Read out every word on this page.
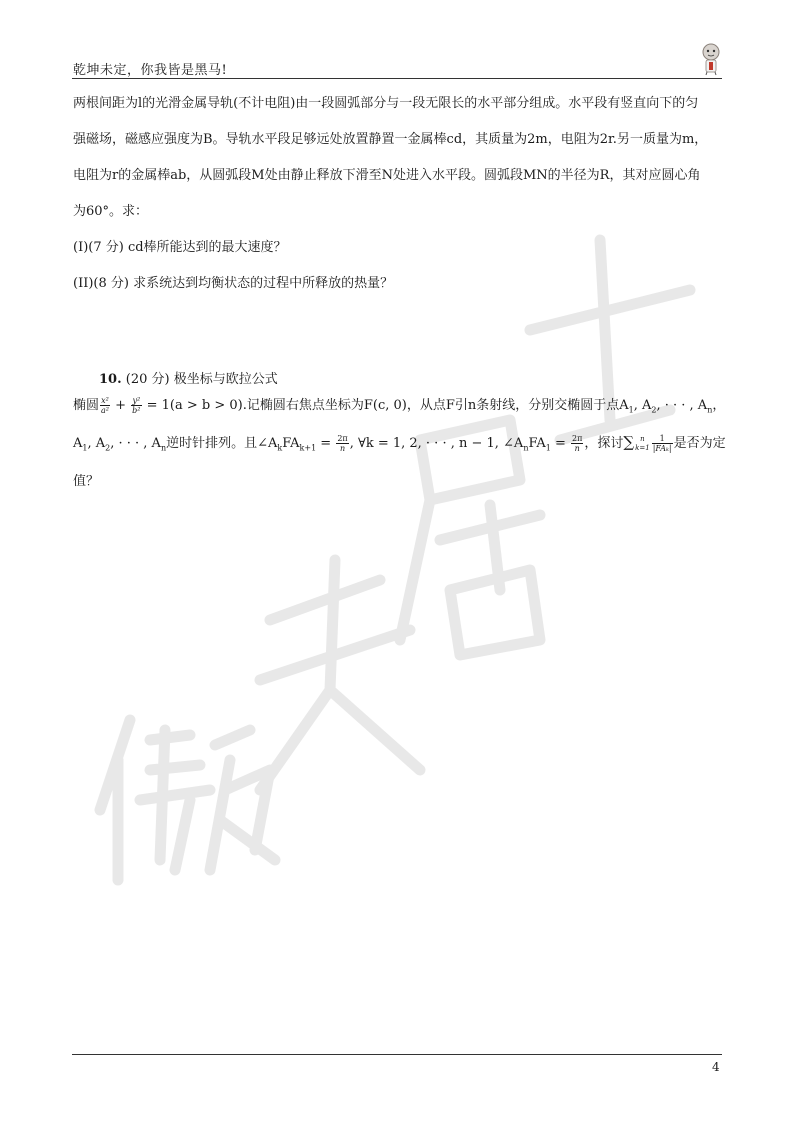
乾坤未定，你我皆是黑马!
两根间距为l的光滑金属导轨(不计电阻)由一段圆弧部分与一段无限长的水平部分组成。水平段有竖直向下的匀
强磁场，磁感应强度为B。导轨水平段足够远处放置静置一金属棒cd，其质量为2m，电阻为2r.另一质量为m，
电阻为r的金属棒ab，从圆弧段M处由静止释放下滑至N处进入水平段。圆弧段MN的半径为R，其对应圆心角
为60°。求：
(I)(7 分) cd棒所能达到的最大速度？
(II)(8 分) 求系统达到均衡状态的过程中所释放的热量？
10. (20 分) 极坐标与欧拉公式
椭圆 $\frac{\text{x²}}{\text{a²}} + \frac{\text{y²}}{\text{b²}} = 1(a > b > 0)$.记椭圆右焦点坐标为F(c, 0)，从点F引n条射线，分别交椭圆于点$A_1$, $A_2$, · · · , $A_n$，
$A_1$, $A_2$, · · · , $A_n$逆时针排列。且$\angle A_kFA_{k+1} = \frac{2\pi}{n}$ , ∀k = 1, 2, · · · , n − 1, $\angle A_nFA_1 = \frac{2\pi}{n}$ ，探讨∑ n
$k=1 \frac{1}{\text{|FAₖ|}}$ 是否为定
值？
4
